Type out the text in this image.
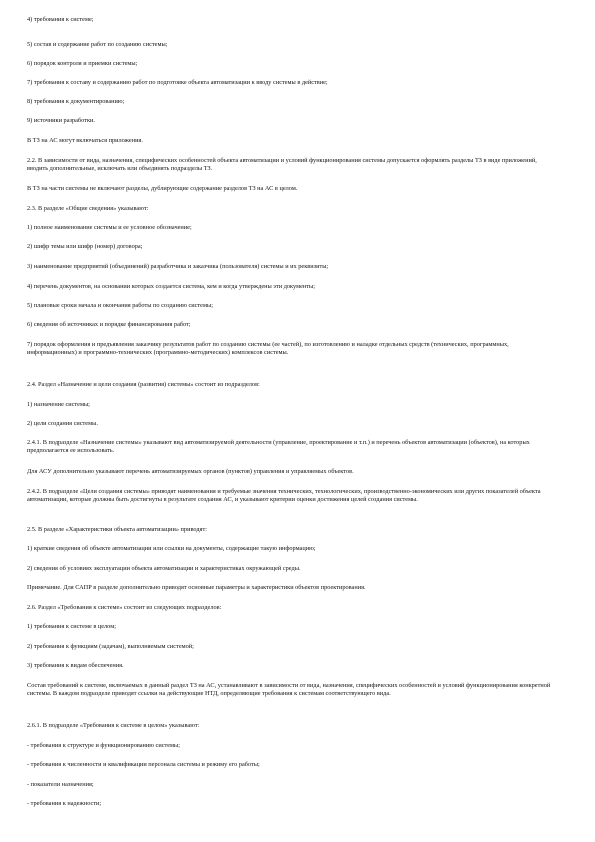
4) требования к системе;

5) состав и содержание работ по созданию системы;

6) порядок контроля и приемки системы;

7) требования к составу и содержанию работ по подготовке объекта автоматизации к вводу системы в действие;

8) требования к документированию;

9) источники разработки.

В ТЗ на АС могут включаться приложения.

2.2. В зависимости от вида, назначения, специфических особенностей объекта автоматизации и условий функционирования системы допускается оформлять разделы ТЗ в виде приложений, вводить дополнительные, исключать или объединять подразделы ТЗ.

В ТЗ на части системы не включают разделы, дублирующие содержание разделов ТЗ на АС в целом.

2.3. В разделе «Общие сведения» указывают:

1) полное наименование системы и ее условное обозначение;

2) шифр темы или шифр (номер) договора;

3) наименование предприятий (объединений) разработчика и заказчика (пользователя) системы и их реквизиты;

4) перечень документов, на основании которых создается система, кем и когда утверждены эти документы;

5) плановые сроки начала и окончания работы по созданию системы;

6) сведения об источниках и порядке финансирования работ;

7) порядок оформления и предъявления заказчику результатов работ по созданию системы (ее частей), по изготовлению и наладке отдельных средств (технических, программных, информационных) и программно-технических (программно-методических) комплексов системы.

2.4. Раздел «Назначение и цели создания (развития) системы» состоит из подразделов:

1) назначение системы;

2) цели создания системы.

2.4.1. В подразделе «Назначение системы» указывают вид автоматизируемой деятельности (управление, проектирование и т.п.) и перечень объектов автоматизации (объектов), на которых предполагается ее использовать.

Для АСУ дополнительно указывают перечень автоматизируемых органов (пунктов) управления и управляемых объектов.

2.4.2. В подразделе «Цели создания системы» приводят наименования и требуемые значения технических, технологических, производственно-экономических или других показателей объекта автоматизации, которые должны быть достигнуты в результате создания АС, и указывают критерии оценки достижения целей создания системы.

2.5. В разделе «Характеристики объекта автоматизации» приводят:

1) краткие сведения об объекте автоматизации или ссылки на документы, содержащие такую информацию;

2) сведения об условиях эксплуатации объекта автоматизации и характеристиках окружающей среды.

Примечание. Для САПР в разделе дополнительно приводят основные параметры и характеристики объектов проектирования.

2.6. Раздел «Требования к системе» состоит из следующих подразделов:

1) требования к системе в целом;

2) требования к функциям (задачам), выполняемым системой;

3) требования к видам обеспечения.

Состав требований к системе, включаемых в данный раздел ТЗ на АС, устанавливают в зависимости от вида, назначения, специфических особенностей и условий функционирования конкретной системы. В каждом подразделе приводят ссылки на действующие НТД, определяющие требования к системам соответствующего вида.

2.6.1. В подразделе «Требования к системе в целом» указывают:

- требования к структуре и функционированию системы;

- требования к численности и квалификации персонала системы и режиму его работы;

- показатели назначения;

- требования к надежности;
